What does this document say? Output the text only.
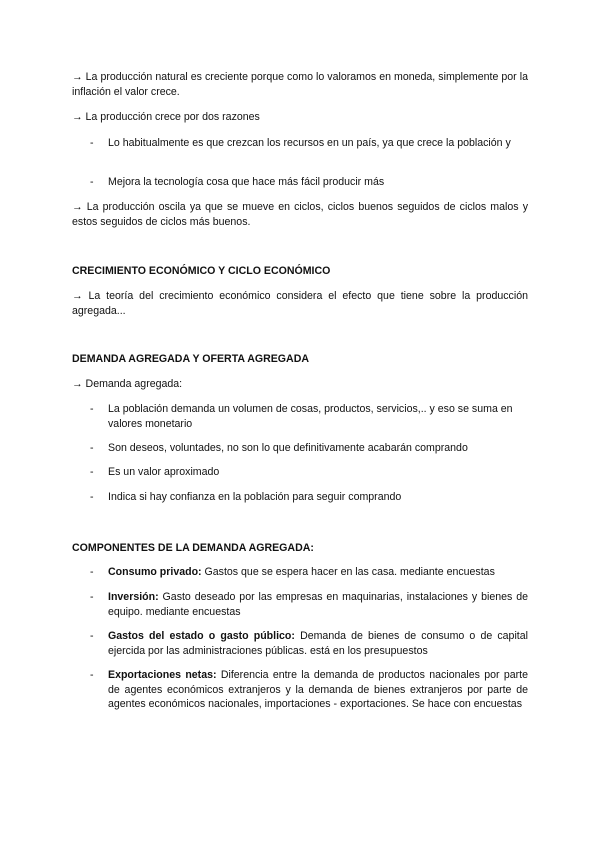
→ La producción natural es creciente porque como lo valoramos en moneda, simplemente por la inflación el valor crece.

→ La producción crece por dos razones

-	Lo habitualmente es que crezcan los recursos en un país, ya que crece la población y
-	Mejora la tecnología cosa que hace más fácil producir más

→ La producción oscila ya que se mueve en ciclos, ciclos buenos seguidos de ciclos malos y estos seguidos de ciclos más buenos.

CRECIMIENTO ECONÓMICO Y CICLO ECONÓMICO

→ La teoría del crecimiento económico considera el efecto que tiene sobre la producción agregada...

DEMANDA AGREGADA Y OFERTA AGREGADA

→ Demanda agregada:

-	La población demanda un volumen de cosas, productos, servicios,.. y eso se suma en valores monetario
-	Son deseos, voluntades, no son lo que definitivamente acabarán comprando
-	Es un valor aproximado
-	Indica si hay confianza en la población para seguir comprando

COMPONENTES DE LA DEMANDA AGREGADA:

-	Consumo privado: Gastos que se espera hacer en las casa. mediante encuestas
-	Inversión: Gasto deseado por las empresas en maquinarias, instalaciones y bienes de equipo. mediante encuestas
-	Gastos del estado o gasto público: Demanda de bienes de consumo o de capital ejercida por las administraciones públicas. está en los presupuestos
-	Exportaciones netas: Diferencia entre la demanda de productos nacionales por parte de agentes económicos extranjeros y la demanda de bienes extranjeros por parte de agentes económicos nacionales, importaciones - exportaciones. Se hace con encuestas
